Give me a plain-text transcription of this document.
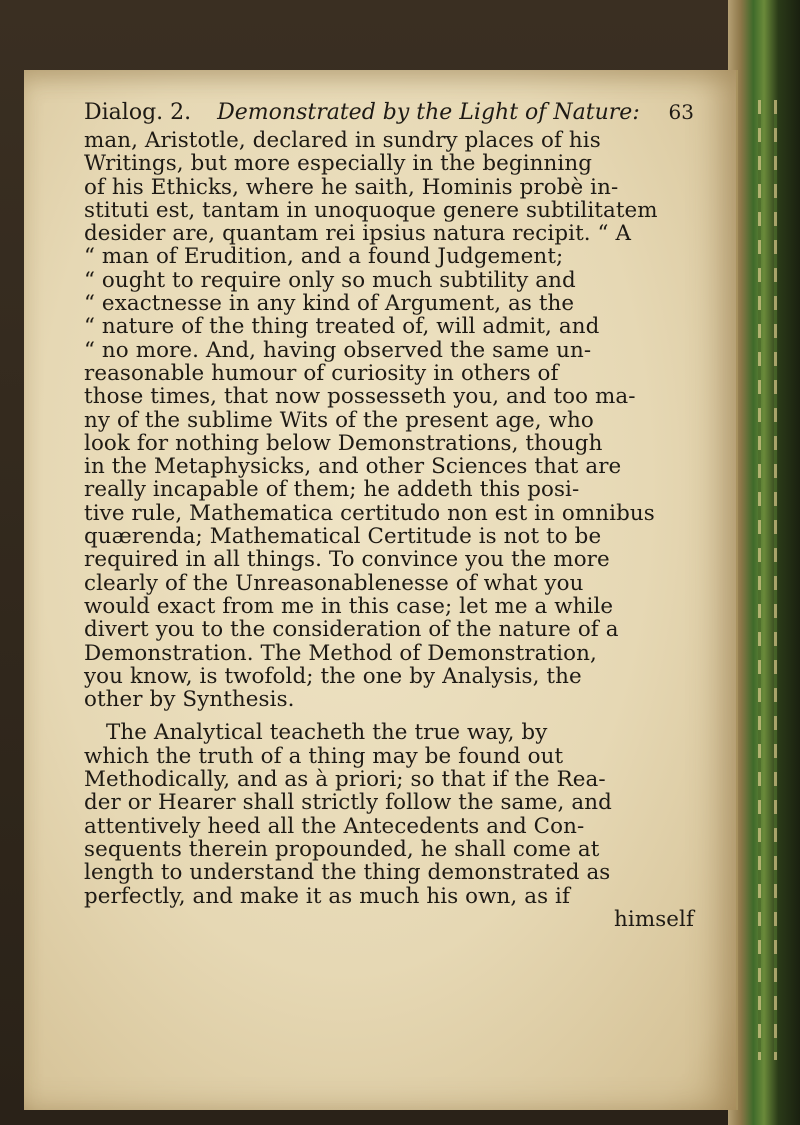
Dialog. 2. Demonstrated by the Light of Nature:	63
man, Aristotle, declared in sundry places of his
Writings, but more especially in the beginning
of his Ethicks, where he saith, Hominis probè in-
stituti est, tantam in unoquoque genere subtilitatem
desider are, quantam rei ipsius natura recipit. “ A
“ man of Erudition, and a found Judgement;
“ ought to require only so much subtility and
“ exactnesse in any kind of Argument, as the
“ nature of the thing treated of, will admit, and
“ no more. And, having observed the same un-
reasonable humour of curiosity in others of
those times, that now possesseth you, and too ma-
ny of the sublime Wits of the present age, who
look for nothing below Demonstrations, though
in the Metaphysicks, and other Sciences that are
really incapable of them; he addeth this posi-
tive rule, Mathematica certitudo non est in omnibus
quærenda; Mathematical Certitude is not to be
required in all things. To convince you the more
clearly of the Unreasonablenesse of what you
would exact from me in this case; let me a while
divert you to the consideration of the nature of a
Demonstration. The Method of Demonstration,
you know, is twofold; the one by Analysis, the
other by Synthesis.
The Analytical teacheth the true way, by
which the truth of a thing may be found out
Methodically, and as à priori; so that if the Rea-
der or Hearer shall strictly follow the same, and
attentively heed all the Antecedents and Con-
sequents therein propounded, he shall come at
length to understand the thing demonstrated as
perfectly, and make it as much his own, as if
himself
